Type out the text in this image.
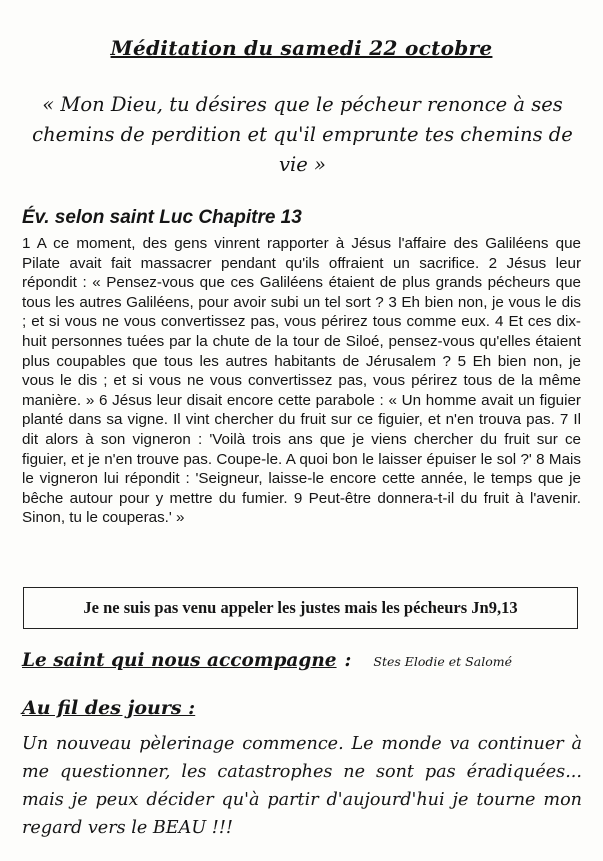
Méditation du samedi 22 octobre
« Mon Dieu, tu désires que le pécheur renonce à ses chemins de perdition et qu'il emprunte tes chemins de vie »
Év. selon saint Luc Chapitre 13
1 A ce moment, des gens vinrent rapporter à Jésus l'affaire des Galiléens que Pilate avait fait massacrer pendant qu'ils offraient un sacrifice. 2 Jésus leur répondit : « Pensez-vous que ces Galiléens étaient de plus grands pécheurs que tous les autres Galiléens, pour avoir subi un tel sort ? 3 Eh bien non, je vous le dis ; et si vous ne vous convertissez pas, vous périrez tous comme eux. 4 Et ces dix-huit personnes tuées par la chute de la tour de Siloé, pensez-vous qu'elles étaient plus coupables que tous les autres habitants de Jérusalem ? 5 Eh bien non, je vous le dis ; et si vous ne vous convertissez pas, vous périrez tous de la même manière. » 6 Jésus leur disait encore cette parabole : « Un homme avait un figuier planté dans sa vigne. Il vint chercher du fruit sur ce figuier, et n'en trouva pas. 7 Il dit alors à son vigneron : 'Voilà trois ans que je viens chercher du fruit sur ce figuier, et je n'en trouve pas. Coupe-le. A quoi bon le laisser épuiser le sol ?' 8 Mais le vigneron lui répondit : 'Seigneur, laisse-le encore cette année, le temps que je bêche autour pour y mettre du fumier. 9 Peut-être donnera-t-il du fruit à l'avenir. Sinon, tu le couperas.' »
Je ne suis pas venu appeler les justes mais les pécheurs Jn9,13
Le saint qui nous accompagne : Stes Elodie et Salomé
Au fil des jours :
Un nouveau pèlerinage commence. Le monde va continuer à me questionner, les catastrophes ne sont pas éradiquées... mais je peux décider qu'à partir d'aujourd'hui je tourne mon regard vers le BEAU !!!
